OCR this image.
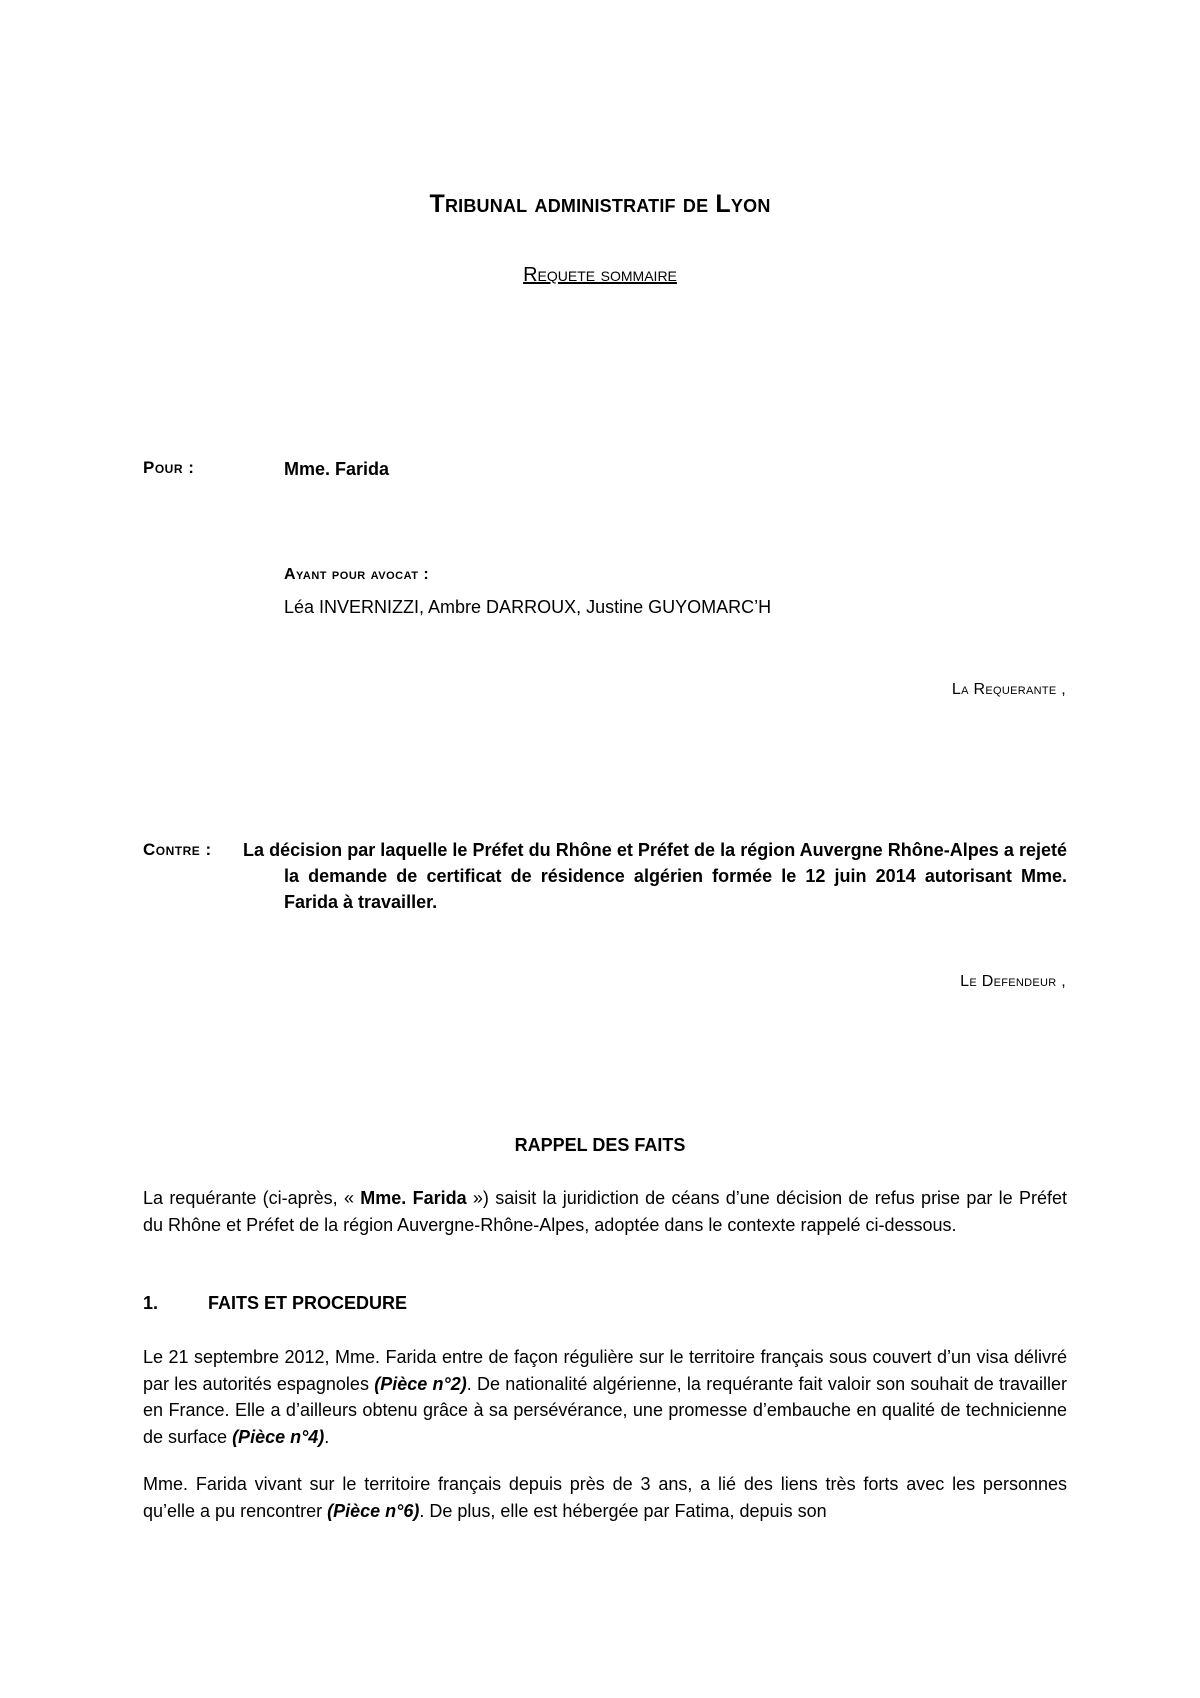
Tribunal administratif de Lyon
Requete sommaire
Pour :	Mme. Farida
Ayant pour avocat :
Léa INVERNIZZI, Ambre DARROUX, Justine GUYOMARC’H
La Requerante ,
Contre : La décision par laquelle le Préfet du Rhône et Préfet de la région Auvergne Rhône-Alpes a rejeté la demande de certificat de résidence algérien formée le 12 juin 2014 autorisant Mme. Farida à travailler.
Le Defendeur ,
RAPPEL DES FAITS

La requérante (ci-après, « Mme. Farida ») saisit la juridiction de céans d’une décision de refus prise par le Préfet du Rhône et Préfet de la région Auvergne-Rhône-Alpes, adoptée dans le contexte rappelé ci-dessous.

1.	FAITS ET PROCEDURE

Le 21 septembre 2012, Mme. Farida entre de façon régulière sur le territoire français sous couvert d’un visa délivré par les autorités espagnoles (Pièce n°2). De nationalité algérienne, la requérante fait valoir son souhait de travailler en France. Elle a d’ailleurs obtenu grâce à sa persévérance, une promesse d’embauche en qualité de technicienne de surface (Pièce n°4).

Mme. Farida vivant sur le territoire français depuis près de 3 ans, a lié des liens très forts avec les personnes qu’elle a pu rencontrer (Pièce n°6). De plus, elle est hébergée par Fatima, depuis son
